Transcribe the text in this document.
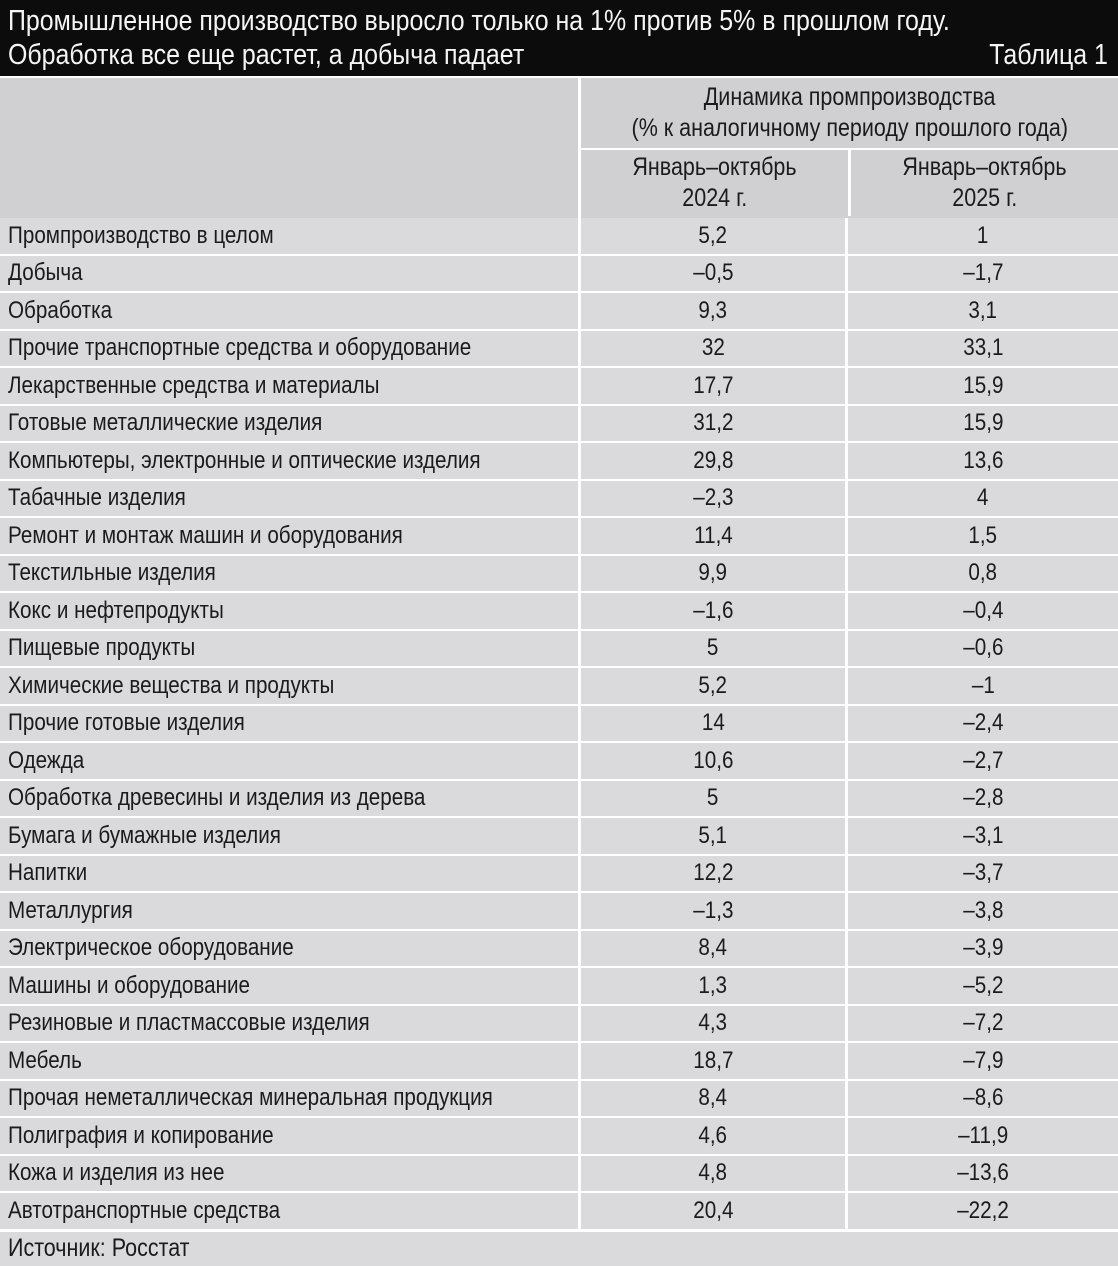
Промышленное производство выросло только на 1% против 5% в прошлом году.
Обработка все еще растет, а добыча падает	Таблица 1
Динамика промпроизводства
(% к аналогичному периоду прошлого года)
Январь–октябрь
2024 г.
Январь–октябрь
2025 г.
Промпроизводство в целом	5,2	1
Добыча	–0,5	–1,7
Обработка	9,3	3,1
Прочие транспортные средства и оборудование	32	33,1
Лекарственные средства и материалы	17,7	15,9
Готовые металлические изделия	31,2	15,9
Компьютеры, электронные и оптические изделия	29,8	13,6
Табачные изделия	–2,3	4
Ремонт и монтаж машин и оборудования	11,4	1,5
Текстильные изделия	9,9	0,8
Кокс и нефтепродукты	–1,6	–0,4
Пищевые продукты	5	–0,6
Химические вещества и продукты	5,2	–1
Прочие готовые изделия	14	–2,4
Одежда	10,6	–2,7
Обработка древесины и изделия из дерева	5	–2,8
Бумага и бумажные изделия	5,1	–3,1
Напитки	12,2	–3,7
Металлургия	–1,3	–3,8
Электрическое оборудование	8,4	–3,9
Машины и оборудование	1,3	–5,2
Резиновые и пластмассовые изделия	4,3	–7,2
Мебель	18,7	–7,9
Прочая неметаллическая минеральная продукция	8,4	–8,6
Полиграфия и копирование	4,6	–11,9
Кожа и изделия из нее	4,8	–13,6
Автотранспортные средства	20,4	–22,2
Источник: Росстат
